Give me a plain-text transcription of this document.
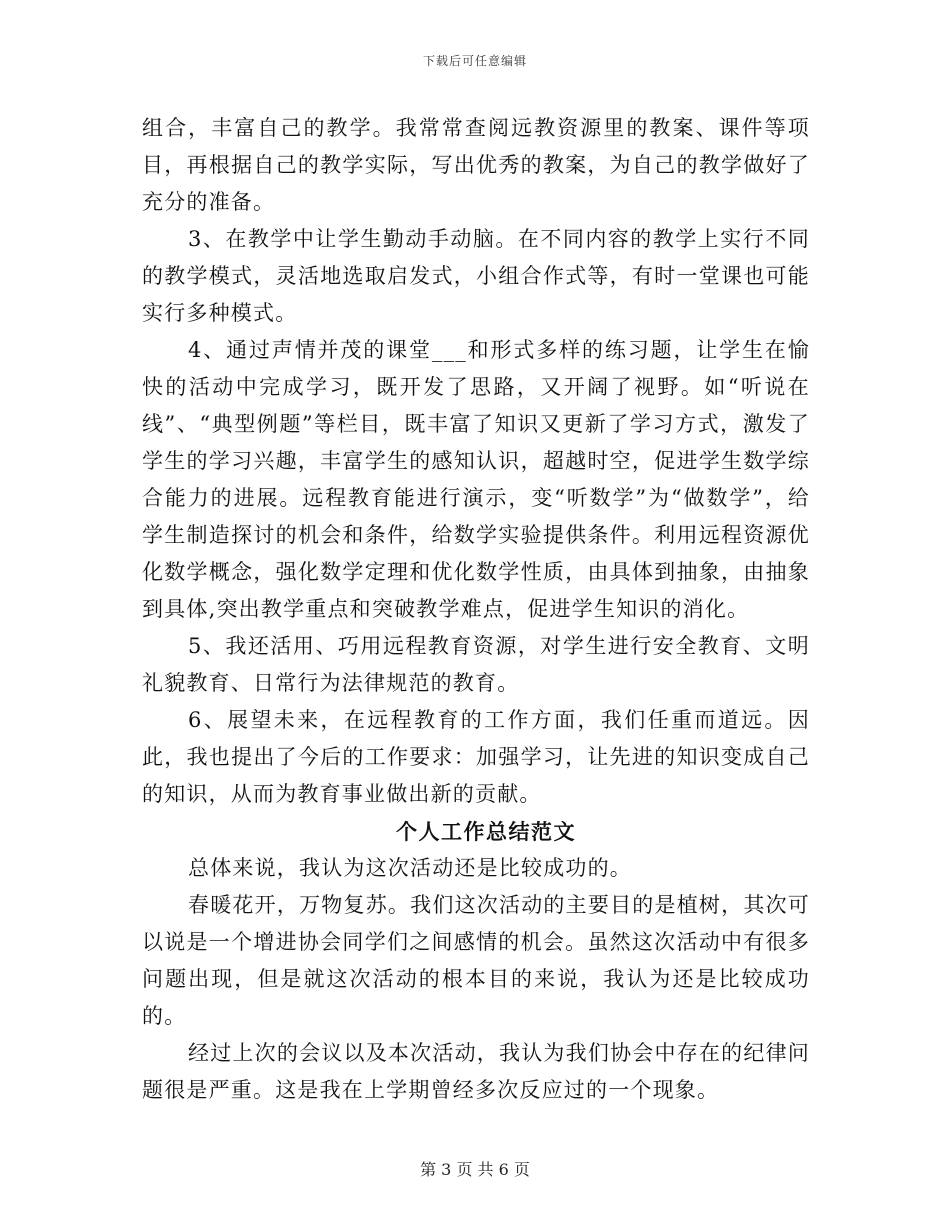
下载后可任意编辑

组合，丰富自己的教学。我常常查阅远教资源里的教案、课件等项目，再根据自己的教学实际，写出优秀的教案，为自己的教学做好了充分的准备。

3、在教学中让学生勤动手动脑。在不同内容的教学上实行不同的教学模式，灵活地选取启发式，小组合作式等，有时一堂课也可能实行多种模式。

4、通过声情并茂的课堂___和形式多样的练习题，让学生在愉快的活动中完成学习，既开发了思路，又开阔了视野。如“听说在线”、“典型例题”等栏目，既丰富了知识又更新了学习方式，激发了学生的学习兴趣，丰富学生的感知认识，超越时空，促进学生数学综合能力的进展。远程教育能进行演示，变“听数学”为“做数学”，给学生制造探讨的机会和条件，给数学实验提供条件。利用远程资源优化数学概念，强化数学定理和优化数学性质，由具体到抽象，由抽象到具体,突出教学重点和突破教学难点，促进学生知识的消化。

5、我还活用、巧用远程教育资源，对学生进行安全教育、文明礼貌教育、日常行为法律规范的教育。

6、展望未来，在远程教育的工作方面，我们任重而道远。因此，我也提出了今后的工作要求：加强学习，让先进的知识变成自己的知识，从而为教育事业做出新的贡献。

个人工作总结范文

总体来说，我认为这次活动还是比较成功的。

春暖花开，万物复苏。我们这次活动的主要目的是植树，其次可以说是一个增进协会同学们之间感情的机会。虽然这次活动中有很多问题出现，但是就这次活动的根本目的来说，我认为还是比较成功的。

经过上次的会议以及本次活动，我认为我们协会中存在的纪律问题很是严重。这是我在上学期曾经多次反应过的一个现象。

第 3 页 共 6 页
